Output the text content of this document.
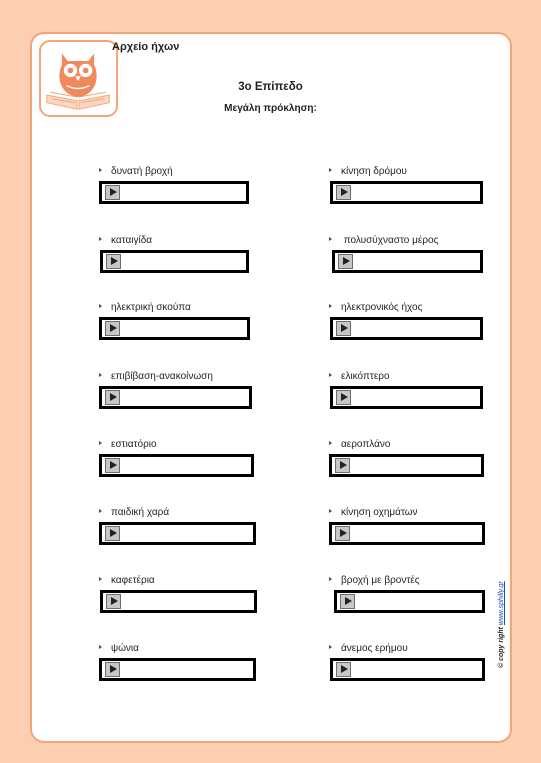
Αρχείο ήχων
3ο Επίπεδο
Μεγάλη πρόκληση:
δυνατή βροχή
καταιγίδα
ηλεκτρική σκούπα
επιβίβαση-ανακοίνωση
εστιατόριο
παιδική χαρά
καφετέρια
ψώνια
κίνηση δρόμου
πολυσύχναστο μέρος
ηλεκτρονικός ήχος
ελικόπτερο
αεροπλάνο
κίνηση οχημάτων
βροχή με βροντές
άνεμος ερήμου	© copy rightwww.sphilly.gr
